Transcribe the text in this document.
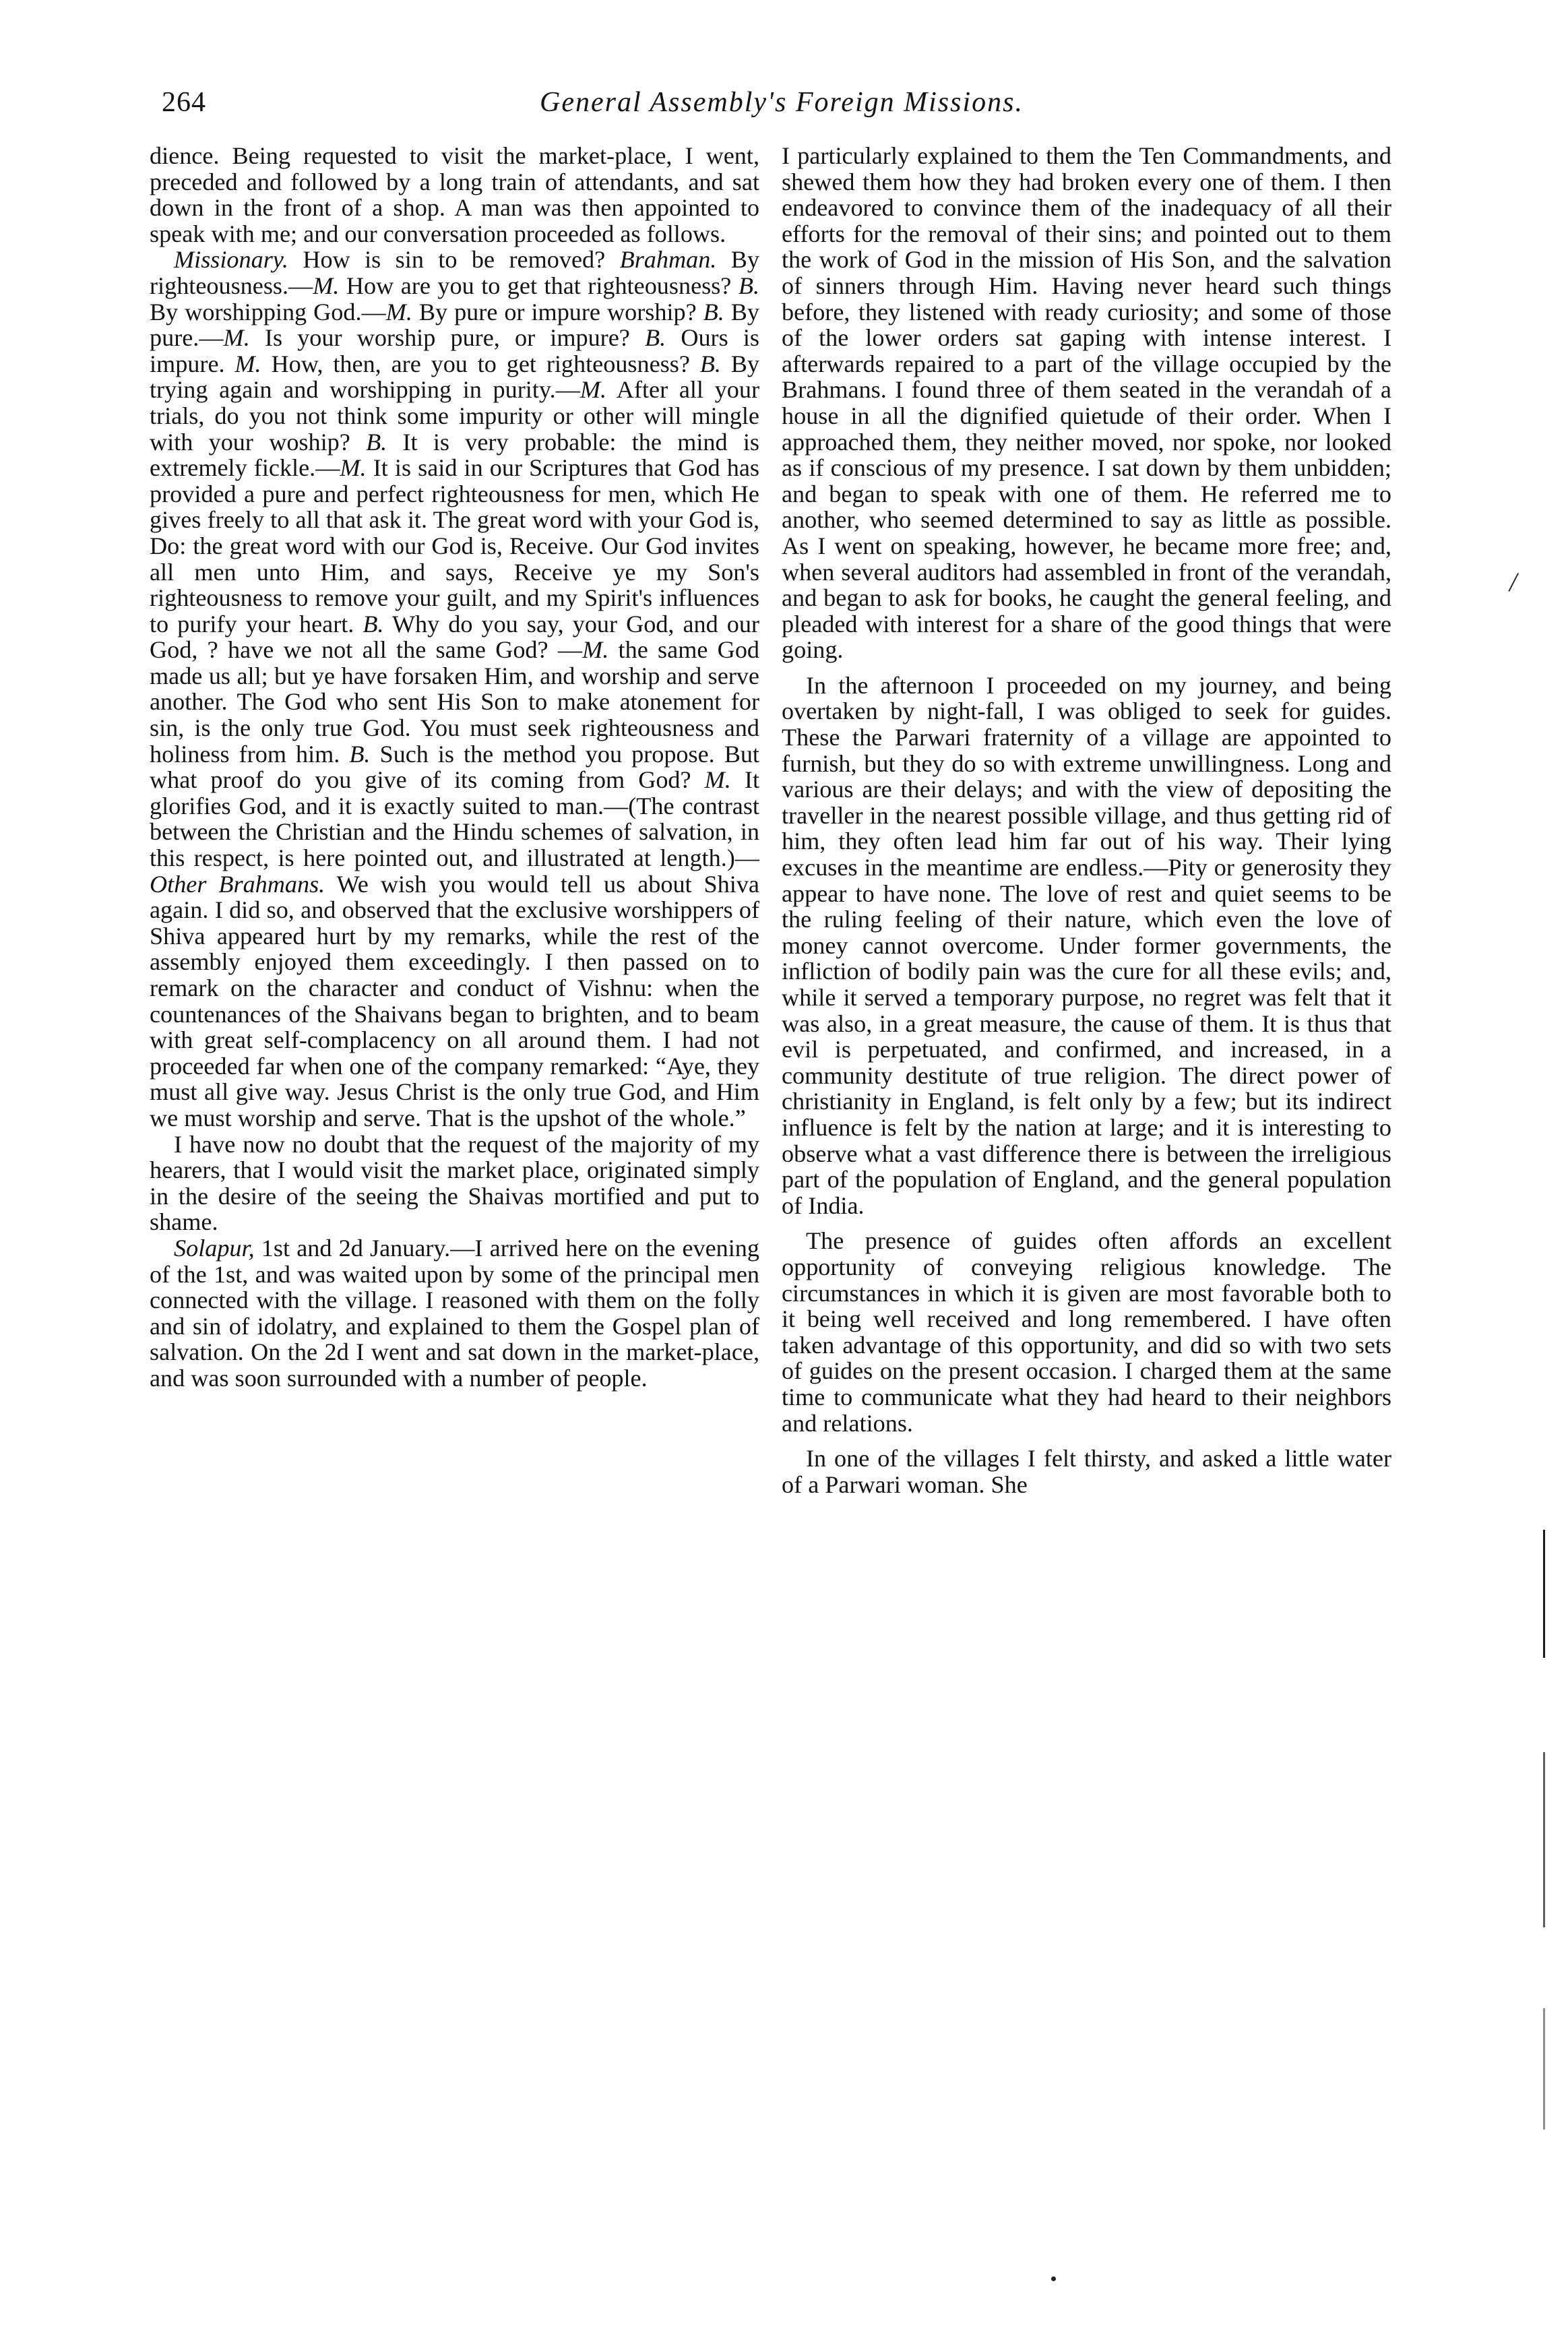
264	General Assembly's Foreign Missions.

dience. Being requested to visit the market-place, I went, preceded and followed by a long train of attendants, and sat down in the front of a shop. A man was then appointed to speak with me; and our conversation proceeded as follows.

Missionary. How is sin to be removed? Brahman. By righteousness.—M. How are you to get that righteousness? B. By worshipping God.—M. By pure or impure worship? B. By pure.—M. Is your worship pure, or impure? B. Ours is impure. M. How, then, are you to get righteousness? B. By trying again and worshipping in purity.—M. After all your trials, do you not think some impurity or other will mingle with your woship? B. It is very probable: the mind is extremely fickle.—M. It is said in our Scriptures that God has provided a pure and perfect righteousness for men, which He gives freely to all that ask it. The great word with your God is, Do: the great word with our God is, Receive. Our God invites all men unto Him, and says, Receive ye my Son's righteousness to remove your guilt, and my Spirit's influences to purify your heart. B. Why do you say, your God, and our God, ? have we not all the same God? —M. the same God made us all; but ye have forsaken Him, and worship and serve another. The God who sent His Son to make atonement for sin, is the only true God. You must seek righteousness and holiness from him. B. Such is the method you propose. But what proof do you give of its coming from God? M. It glorifies God, and it is exactly suited to man.—(The contrast between the Christian and the Hindu schemes of salvation, in this respect, is here pointed out, and illustrated at length.)—Other Brahmans. We wish you would tell us about Shiva again. I did so, and observed that the exclusive worshippers of Shiva appeared hurt by my remarks, while the rest of the assembly enjoyed them exceedingly. I then passed on to remark on the character and conduct of Vishnu: when the countenances of the Shaivans began to brighten, and to beam with great self-complacency on all around them. I had not proceeded far when one of the company remarked: “Aye, they must all give way. Jesus Christ is the only true God, and Him we must worship and serve. That is the upshot of the whole.”

I have now no doubt that the request of the majority of my hearers, that I would visit the market place, originated simply in the desire of the seeing the Shaivas mortified and put to shame.

Solapur, 1st and 2d January.—I arrived here on the evening of the 1st, and was waited upon by some of the principal men connected with the village. I reasoned with them on the folly and sin of idolatry, and explained to them the Gospel plan of salvation. On the 2d I went and sat down in the market-place, and was soon surrounded with a number of people.

I particularly explained to them the Ten Commandments, and shewed them how they had broken every one of them. I then endeavored to convince them of the inadequacy of all their efforts for the removal of their sins; and pointed out to them the work of God in the mission of His Son, and the salvation of sinners through Him. Having never heard such things before, they listened with ready curiosity; and some of those of the lower orders sat gaping with intense interest. I afterwards repaired to a part of the village occupied by the Brahmans. I found three of them seated in the verandah of a house in all the dignified quietude of their order. When I approached them, they neither moved, nor spoke, nor looked as if conscious of my presence. I sat down by them unbidden; and began to speak with one of them. He referred me to another, who seemed determined to say as little as possible. As I went on speaking, however, he became more free; and, when several auditors had assembled in front of the verandah, and began to ask for books, he caught the general feeling, and pleaded with interest for a share of the good things that were going.

In the afternoon I proceeded on my journey, and being overtaken by night-fall, I was obliged to seek for guides. These the Parwari fraternity of a village are appointed to furnish, but they do so with extreme unwillingness. Long and various are their delays; and with the view of depositing the traveller in the nearest possible village, and thus getting rid of him, they often lead him far out of his way. Their lying excuses in the meantime are endless.—Pity or generosity they appear to have none. The love of rest and quiet seems to be the ruling feeling of their nature, which even the love of money cannot overcome. Under former governments, the infliction of bodily pain was the cure for all these evils; and, while it served a temporary purpose, no regret was felt that it was also, in a great measure, the cause of them. It is thus that evil is perpetuated, and confirmed, and increased, in a community destitute of true religion. The direct power of christianity in England, is felt only by a few; but its indirect influence is felt by the nation at large; and it is interesting to observe what a vast difference there is between the irreligious part of the population of England, and the general population of India.

The presence of guides often affords an excellent opportunity of conveying religious knowledge. The circumstances in which it is given are most favorable both to it being well received and long remembered. I have often taken advantage of this opportunity, and did so with two sets of guides on the present occasion. I charged them at the same time to communicate what they had heard to their neighbors and relations.

In one of the villages I felt thirsty, and asked a little water of a Parwari woman. She

/
